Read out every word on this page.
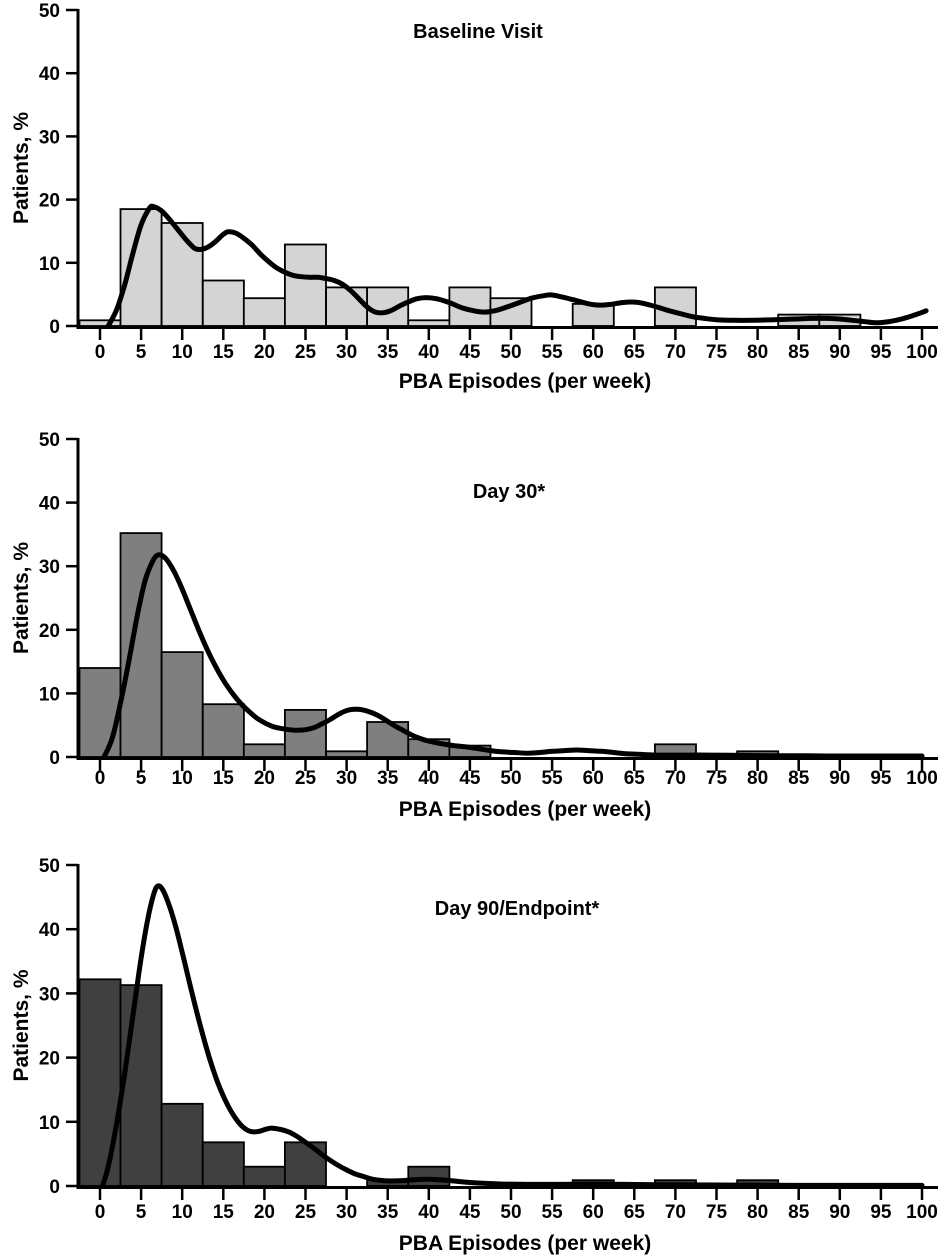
0
10
20
30
40
50
0 5 10 15 20 25 30 35 40 45 50 55 60 65 70 75 80 85 90 95 100
Baseline Visit
Patients, %
PBA Episodes (per week)
0
10
20
30
40
50
0 5 10 15 20 25 30 35 40 45 50 55 60 65 70 75 80 85 90 95 100
Day 30*
Patients, %
PBA Episodes (per week)
0
10
20
30
40
50
0 5 10 15 20 25 30 35 40 45 50 55 60 65 70 75 80 85 90 95 100
Day 90/Endpoint*
Patients, %
PBA Episodes (per week)
